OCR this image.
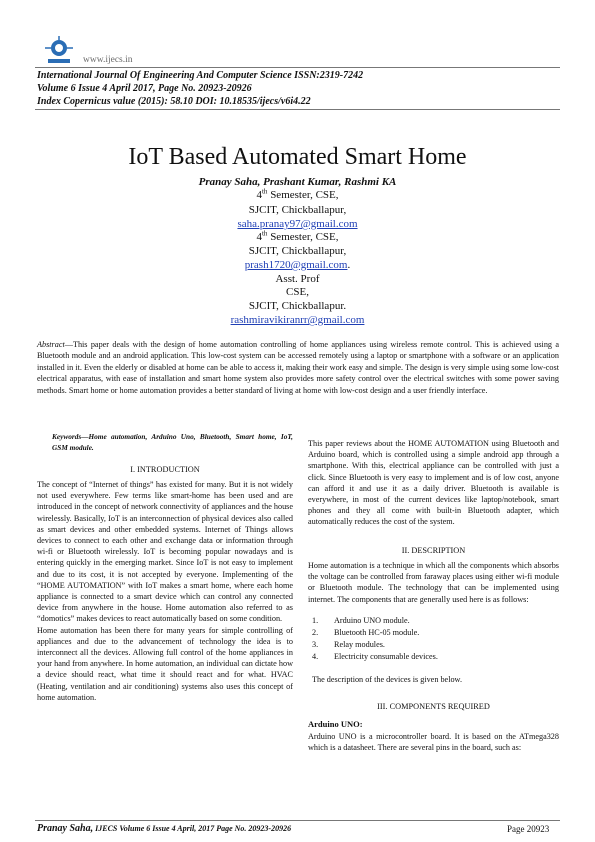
www.ijecs.in
International Journal Of Engineering And Computer Science ISSN:2319-7242
Volume 6 Issue 4 April 2017, Page No. 20923-20926
Index Copernicus value (2015): 58.10 DOI: 10.18535/ijecs/v6i4.22
IoT Based Automated Smart Home
Pranay Saha, Prashant Kumar, Rashmi KA
4th Semester, CSE,
SJCIT, Chickballapur,
saha.pranay97@gmail.com
4th Semester, CSE,
SJCIT, Chickballapur,
prash1720@gmail.com.
Asst. Prof
CSE,
SJCIT, Chickballapur.
rashmiravikiranrr@gmail.com
Abstract—This paper deals with the design of home automation controlling of home appliances using wireless remote control. This is achieved using a Bluetooth module and an android application. This low-cost system can be accessed remotely using a laptop or smartphone with a software or an application installed in it. Even the elderly or disabled at home can be able to access it, making their work easy and simple. The design is very simple using some low-cost electrical apparatus, with ease of installation and smart home system also provides more safety control over the electrical switches with some power saving methods. Smart home or home automation provides a better standard of living at home with low-cost design and a user friendly interface.
Keywords—Home automation, Arduino Uno, Bluetooth, Smart home, IoT, GSM module.
I. INTRODUCTION

The concept of “Internet of things” has existed for many. But it is not widely not used everywhere. Few terms like smart-home has been used and are introduced in the concept of network connectivity of appliances and the house wirelessly. Basically, IoT is an interconnection of physical devices also called as smart devices and other embedded systems. Internet of Things allows devices to connect to each other and exchange data or information through wi-fi or Bluetooth wirelessly. IoT is becoming popular nowadays and is entering quickly in the emerging market. Since IoT is not easy to implement and due to its cost, it is not accepted by everyone. Implementing of the “HOME AUTOMATION” with IoT makes a smart home, where each home appliance is connected to a smart device which can control any connected device from anywhere in the house. Home automation also referred to as “domotics” makes devices to react automatically based on some condition.

Home automation has been there for many years for simple controlling of appliances and due to the advancement of technology the idea is to interconnect all the devices. Allowing full control of the home appliances in your hand from anywhere. In home automation, an individual can dictate how a device should react, what time it should react and for what. HVAC (Heating, ventilation and air conditioning) systems also uses this concept of home automation.

This paper reviews about the HOME AUTOMATION using Bluetooth and Arduino board, which is controlled using a simple android app through a smartphone. With this, electrical appliance can be controlled with just a click. Since Bluetooth is very easy to implement and is of low cost, anyone can afford it and use it as a daily driver. Bluetooth is available is everywhere, in most of the current devices like laptop/notebook, smart phones and they all come with built-in Bluetooth adapter, which automatically reduces the cost of the system.
II. DESCRIPTION
Home automation is a technique in which all the components which absorbs the voltage can be controlled from faraway places using either wi-fi module or Bluetooth module. The technology that can be implemented using internet. The components that are generally used here is as follows:
1. Arduino UNO module.
2. Bluetooth HC-05 module.
3. Relay modules.
4. Electricity consumable devices.
The description of the devices is given below.
III. COMPONENTS REQUIRED
Arduino UNO:
Arduino UNO is a microcontroller board. It is based on the ATmega328 which is a datasheet. There are several pins in the board, such as:
Pranay Saha, IJECS Volume 6 Issue 4 April, 2017 Page No. 20923-20926	Page 20923
